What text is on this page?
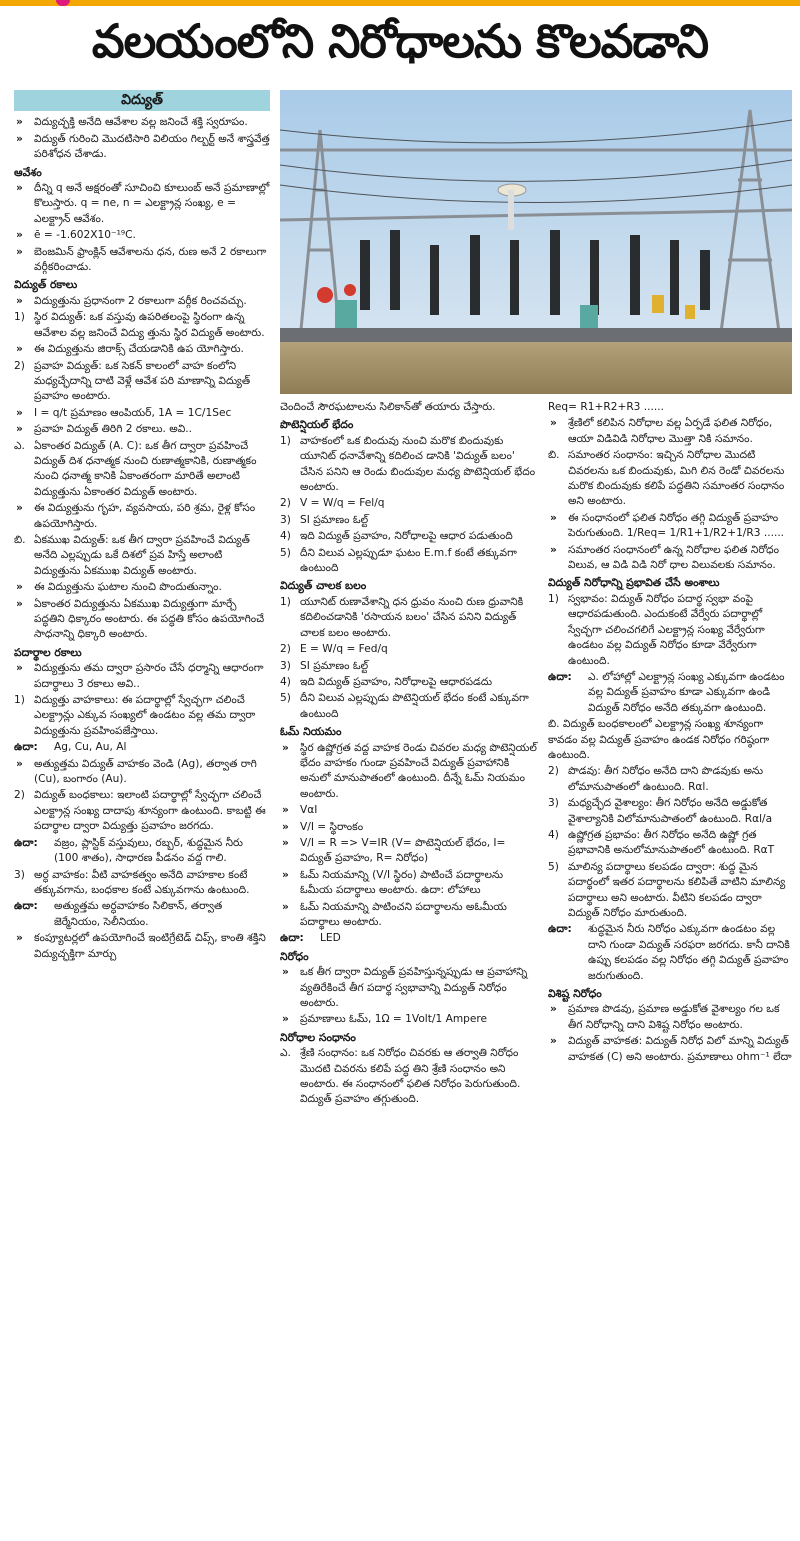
వలయంలోని నిరోధాలను కొలవడాని
విద్యుత్
» విద్యుచ్ఛక్తి అనేది ఆవేశాల వల్ల జనించే శక్తి స్వరూపం.
» విద్యుత్ గురించి మొదటిసారి విలియం గిల్బర్ట్ అనే శాస్త్రవేత్త పరిశోధన చేశాడు.
ఆవేశం
» దీన్ని q అనే అక్షరంతో సూచించి కూలుంబ్ అనే ప్రమాణాల్లో కొలుస్తారు. q = ne, n = ఎలక్ట్రాన్ల సంఖ్య, e = ఎలక్ట్రాన్ ఆవేశం.
» ē = -1.602X10⁻¹⁹C.
» బెంజమిన్ ఫ్రాంక్లిన్ ఆవేశాలను ధన, రుణ అనే 2 రకాలుగా వర్గీకరించాడు.
విద్యుత్ రకాలు
» విద్యుత్తును ప్రధానంగా 2 రకాలుగా వర్గీక రించవచ్చు.
1) స్థిర విద్యుత్: ఒక వస్తువు ఉపరితలంపై స్థిరంగా ఉన్న ఆవేశాల వల్ల జనించే విద్యు త్తును స్థిర విద్యుత్ అంటారు.
» ఈ విద్యుత్తును జిరాక్స్ చేయడానికి ఉప యోగిస్తారు.
2) ప్రవాహ విద్యుత్: ఒక సెకన్ కాలంలో వాహ కంలోని మధ్యచ్ఛేదాన్ని దాటి వెళ్లే ఆవేశ పరి మాణాన్ని విద్యుత్ ప్రవాహం అంటారు.
» I = q/t ప్రమాణం ఆంపియర్, 1A = 1C/1Sec
» ప్రవాహ విద్యుత్ తిరిగి 2 రకాలు. అవి..
ఎ. ఏకాంతర విద్యుత్ (A. C): ఒక తీగ ద్వారా ప్రవహించే విద్యుత్ దిశ ధనాత్మక నుంచి రుణాత్మకానికి, రుణాత్మకం నుంచి ధనాత్మ కానికి ఏకాంతరంగా మారితే అలాంటి విద్యుత్తును ఏకాంతర విద్యుత్ అంటారు.
» ఈ విద్యుత్తును గృహ, వ్యవసాయ, పరి శ్రమ, రైళ్ల కోసం ఉపయోగిస్తారు.
బి. ఏకముఖ విద్యుత్: ఒక తీగ ద్వారా ప్రవహించే విద్యుత్ అనేది ఎల్లప్పుడు ఒకే దిశలో ప్రవ హిస్తే అలాంటి విద్యుత్తును ఏకముఖ విద్యుత్ అంటారు.
» ఈ విద్యుత్తును ఘటాల నుంచి పొందుతున్నాం.
» ఏకాంతర విద్యుత్తును ఏకముఖ విద్యుత్తుగా మార్చే పద్ధతిని ధిక్కారం అంటారు. ఈ పద్ధతి కోసం ఉపయోగించే సాధనాన్ని ధిక్కారి అంటారు.
పదార్థాల రకాలు
» విద్యుత్తును తమ ద్వారా ప్రసారం చేసే ధర్మాన్ని ఆధారంగా పదార్థాలు 3 రకాలు అవి..
1) విద్యుత్తు వాహకాలు: ఈ పదార్థాల్లో స్వేచ్ఛగా చలించే ఎలక్ట్రాన్లు ఎక్కువ సంఖ్యలో ఉండటం వల్ల తమ ద్వారా విద్యుత్తును ప్రవహింపజేస్తాయి.
ఉదా: Ag, Cu, Au, Al
» అత్యుత్తమ విద్యుత్ వాహకం వెండి (Ag), తర్వాత రాగి (Cu), బంగారం (Au).
2) విద్యుత్ బంధకాలు: ఇలాంటి పదార్థాల్లో స్వేచ్ఛగా చలించే ఎలక్ట్రాన్ల సంఖ్య దాదాపు శూన్యంగా ఉంటుంది. కాబట్టి ఈ పదార్థాల ద్వారా విద్యుత్తు ప్రవాహం జరగదు.
ఉదా: వజ్రం, ప్లాస్టిక్ వస్తువులు, రబ్బర్, శుద్ధమైన నీరు (100 శాతం), సాధారణ పీడనం వద్ద గాలి.
3) అర్ధ వాహకం: వీటి వాహకత్వం అనేది వాహకాల కంటే తక్కువగాను, బంధకాల కంటే ఎక్కువగాను ఉంటుంది.
ఉదా: అత్యుత్తమ అర్ధవాహకం సిలికాన్, తర్వాత జెర్మేనియం, సెలీనియం.
» కంప్యూటర్లలో ఉపయోగించే ఇంటిగ్రేటెడ్ చిప్స్, కాంతి శక్తిని విద్యుచ్ఛక్తిగా మార్చు
చెందించే సౌరఘటాలను సిలికాన్‌తో తయారు చేస్తారు.
పొటెన్షియల్ భేదం
1) వాహకంలో ఒక బిందువు నుంచి మరొక బిందువుకు యూనిట్ ధనావేశాన్ని కదిలించ డానికి 'విద్యుత్ బలం' చేసిన పనిని ఆ రెండు బిందువుల మధ్య పొటెన్షియల్ భేదం అంటారు.
2) V = W/q = Fel/q
3) SI ప్రమాణం ఓల్ట్
4) ఇది విద్యుత్ ప్రవాహం, నిరోధాలపై ఆధార పడుతుంది
5) దీని విలువ ఎల్లప్పుడూ ఘటం E.m.f కంటే తక్కువగా ఉంటుంది
విద్యుత్ చాలక బలం
1) యూనిట్ రుణావేశాన్ని ధన ధ్రువం నుంచి రుణ ధ్రువానికి కదిలించడానికి 'రసాయన బలం' చేసిన పనిని విద్యుత్ చాలక బలం అంటారు.
2) E = W/q = Fed/q
3) SI ప్రమాణం ఓల్ట్
4) ఇది విద్యుత్ ప్రవాహం, నిరోధాలపై ఆధారపడదు
5) దీని విలువ ఎల్లప్పుడు పొటెన్షియల్ భేదం కంటే ఎక్కువగా ఉంటుంది
ఓమ్ నియమం
» స్థిర ఉష్ణోగ్రత వద్ద వాహక రెండు చివరల మధ్య పొటెన్షియల్ భేదం వాహకం గుండా ప్రవహించే విద్యుత్ ప్రవాహానికి అనులో మానుపాతంలో ఉంటుంది. దీన్నే ఓమ్ నియమం అంటారు.
» VαI
» V/I = స్థిరాంకం
» V/I = R => V=IR (V= పొటెన్షియల్ భేదం, I= విద్యుత్ ప్రవాహం, R= నిరోధం)
» ఓమ్ నియమాన్ని (V/I స్థిరం) పాటించే పదార్థాలను ఓమీయ పదార్థాలు అంటారు. ఉదా: లోహాలు
» ఓమ్ నియమాన్ని పాటించని పదార్థాలను అఓమీయ పదార్థాలు అంటారు.
ఉదా: LED
నిరోధం
» ఒక తీగ ద్వారా విద్యుత్ ప్రవహిస్తున్నప్పుడు ఆ ప్రవాహాన్ని వ్యతిరేకించే తీగ పదార్థ స్వభావాన్ని విద్యుత్ నిరోధం అంటారు.
» ప్రమాణాలు ఓమ్, 1Ω = 1Volt/1 Ampere
నిరోధాల సంధానం
ఎ. శ్రేణి సంధానం: ఒక నిరోధం చివరకు ఆ తర్వాతి నిరోధం మొదటి చివరను కలిపే పద్ధ తిని శ్రేణి సంధానం అని అంటారు. ఈ సంధానంలో ఫలిత నిరోధం పెరుగుతుంది. విద్యుత్ ప్రవాహం తగ్గుతుంది.
Req= R1+R2+R3 ......
» శ్రేణిలో కలిపిన నిరోధాల వల్ల ఏర్పడే ఫలిత నిరోధం, ఆయా విడివిడి నిరోధాల మొత్తా నికి సమానం.
బి. సమాంతర సంధానం: ఇచ్చిన నిరోధాల మొదటి చివరలను ఒక బిందువుకు, మిగి లిన రెండో చివరలను మరొక బిందువుకు కలిపే పద్ధతిని సమాంతర సంధానం అని అంటారు.
» ఈ సంధానంలో ఫలిత నిరోధం తగ్గి విద్యుత్ ప్రవాహం పెరుగుతుంది. 1/Req= 1/R1+1/R2+1/R3 ......
» సమాంతర సంధానంలో ఉన్న నిరోధాల ఫలిత నిరోధం విలువ, ఆ విడి విడి నిరో ధాల విలువలకు సమానం.
విద్యుత్ నిరోధాన్ని ప్రభావిత చేసే అంశాలు
1) స్వభావం: విద్యుత్ నిరోధం పదార్థ స్వభా వంపై ఆధారపడుతుంది. ఎందుకంటే వేర్వేరు పదార్థాల్లో స్వేచ్ఛగా చలించగలిగే ఎలక్ట్రాన్ల సంఖ్య వేర్వేరుగా ఉండటం వల్ల విద్యుత్ నిరోధం కూడా వేర్వేరుగా ఉంటుంది.
ఉదా: ఎ. లోహాల్లో ఎలక్ట్రాన్ల సంఖ్య ఎక్కువగా ఉండటం వల్ల విద్యుత్ ప్రవాహం కూడా ఎక్కువగా ఉండి విద్యుత్ నిరోధం అనేది తక్కువగా ఉంటుంది.
బి. విద్యుత్ బంధకాలంలో ఎలక్ట్రాన్ల సంఖ్య శూన్యంగా కావడం వల్ల విద్యుత్ ప్రవాహం ఉండక నిరోధం గరిష్ఠంగా ఉంటుంది.
2) పొడవు: తీగ నిరోధం అనేది దాని పొడవుకు అను లోమానుపాతంలో ఉంటుంది. Rαl.
3) మధ్యచ్ఛేద వైశాల్యం: తీగ నిరోధం అనేది అడ్డుకోత వైశాల్యానికి విలోమానుపాతంలో ఉంటుంది. Rαl/a
4) ఉష్ణోగ్రత ప్రభావం: తీగ నిరోధం అనేది ఉష్ణో గ్రత ప్రభావానికి అనులోమానుపాతంలో ఉంటుంది. RαT
5) మాలిన్య పదార్థాలు కలపడం ద్వారా: శుద్ధ మైన పదార్థంలో ఇతర పదార్థాలను కలిపితే వాటిని మాలిన్య పదార్థాలు అని అంటారు. వీటిని కలపడం ద్వారా విద్యుత్ నిరోధం మారుతుంది.
ఉదా: శుద్ధమైన నీరు నిరోధం ఎక్కువగా ఉండటం వల్ల దాని గుండా విద్యుత్ సరఫరా జరగదు. కానీ దానికి ఉప్పు కలపడం వల్ల నిరోధం తగ్గి విద్యుత్ ప్రవాహం జరుగుతుంది.
విశిష్ట నిరోధం
» ప్రమాణ పొడవు, ప్రమాణ అడ్డుకోత వైశాల్యం గల ఒక తీగ నిరోధాన్ని దాని విశిష్ట నిరోధం అంటారు.
» విద్యుత్ వాహకత: విద్యుత్ నిరోధ విలో మాన్ని విద్యుత్ వాహకత (C) అని అంటారు. ప్రమాణాలు ohm⁻¹ లేదా
